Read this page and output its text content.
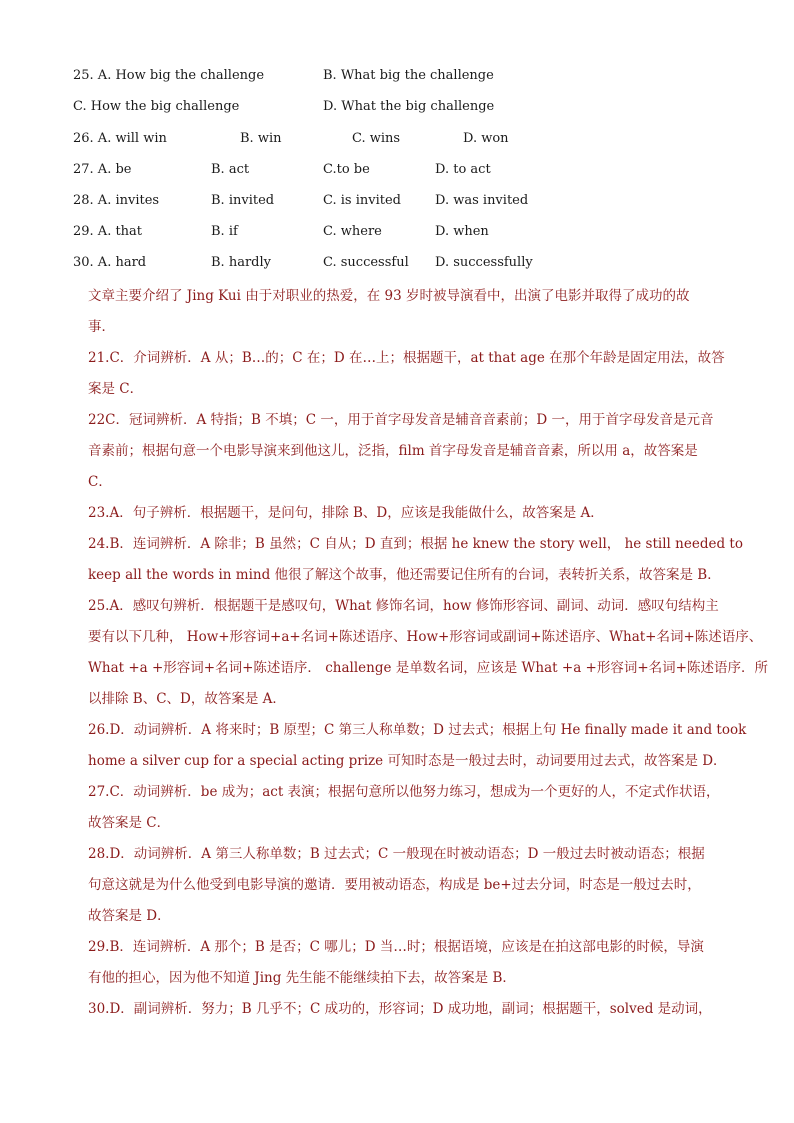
25. A. How big the challenge	B. What big the challenge
C. How the big challenge	D. What the big challenge
26. A. will win	B. win	C. wins	D. won
27. A. be	B. act	C.to be	D. to act
28. A. invites	B. invited	C. is invited	D. was invited
29. A. that	B. if	C. where	D. when
30. A. hard	B. hardly	C. successful D. successfully
文章主要介绍了 Jing Kui 由于对职业的热爱，在 93 岁时被导演看中，出演了电影并取得了成功的故
事．
21.C．介词辨析．A 从；B…的；C 在；D 在…上；根据题干，at that age 在那个年龄是固定用法，故答
案是 C．
22C．冠词辨析．A 特指；B 不填；C 一，用于首字母发音是辅音音素前；D 一，用于首字母发音是元音
音素前；根据句意一个电影导演来到他这儿，泛指，film 首字母发音是辅音音素，所以用 a，故答案是
C．
23.A．句子辨析．根据题干，是问句，排除 B、D，应该是我能做什么，故答案是 A．
24.B．连词辨析．A 除非；B 虽然；C 自从；D 直到；根据 he knew the story well， he still needed to
keep all the words in mind 他很了解这个故事，他还需要记住所有的台词，表转折关系，故答案是 B．
25.A．感叹句辨析．根据题干是感叹句，What 修饰名词，how 修饰形容词、副词、动词．感叹句结构主
要有以下几种， How+形容词+a+名词+陈述语序、How+形容词或副词+陈述语序、What+名词+陈述语序、
What +a +形容词+名词+陈述语序． challenge 是单数名词，应该是 What +a +形容词+名词+陈述语序．所
以排除 B、C、D，故答案是 A．
26.D．动词辨析．A 将来时；B 原型；C 第三人称单数；D 过去式；根据上句 He finally made it and took
home a silver cup for a special acting prize 可知时态是一般过去时，动词要用过去式，故答案是 D．
27.C．动词辨析．be 成为；act 表演；根据句意所以他努力练习，想成为一个更好的人，不定式作状语，
故答案是 C．
28.D．动词辨析．A 第三人称单数；B 过去式；C 一般现在时被动语态；D 一般过去时被动语态；根据
句意这就是为什么他受到电影导演的邀请．要用被动语态，构成是 be+过去分词，时态是一般过去时，
故答案是 D．
29.B．连词辨析．A 那个；B 是否；C 哪儿；D 当…时；根据语境，应该是在拍这部电影的时候，导演
有他的担心，因为他不知道 Jing 先生能不能继续拍下去，故答案是 B．
30.D．副词辨析．努力；B 几乎不；C 成功的，形容词；D 成功地，副词；根据题干，solved 是动词，
